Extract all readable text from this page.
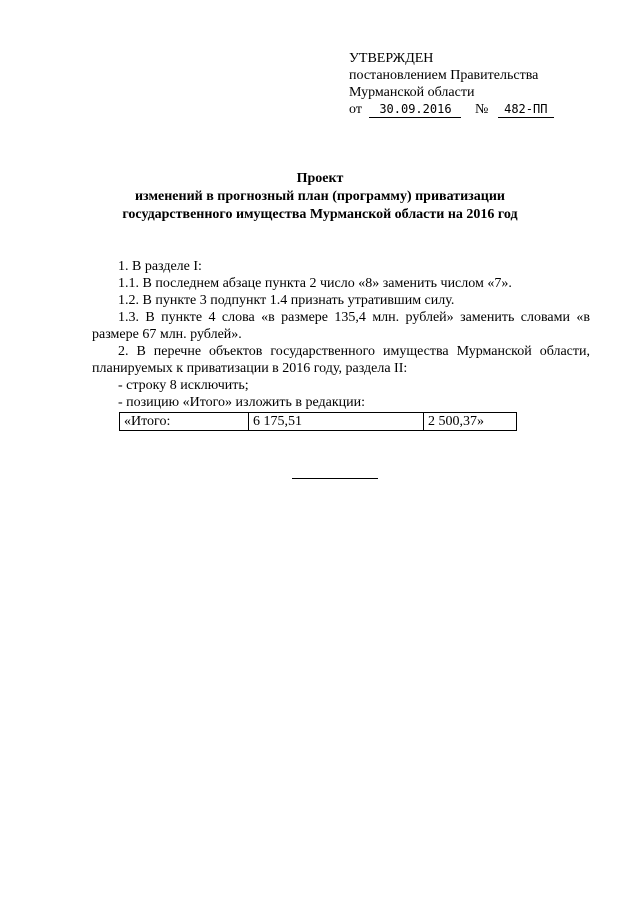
УТВЕРЖДЕН
постановлением Правительства
Мурманской области
от 30.09.2016 № 482-ПП
Проект
изменений в прогнозный план (программу) приватизации
государственного имущества Мурманской области на 2016 год

1. В разделе I:

1.1. В последнем абзаце пункта 2 число «8» заменить числом «7».

1.2. В пункте 3 подпункт 1.4 признать утратившим силу.

1.3. В пункте 4 слова «в размере 135,4 млн. рублей» заменить словами «в размере 67 млн. рублей».

2. В перечне объектов государственного имущества Мурманской области, планируемых к приватизации в 2016 году, раздела II:

- строку 8 исключить;

- позицию «Итого» изложить в редакции:

«Итого:	6 175,51	2 500,37»
